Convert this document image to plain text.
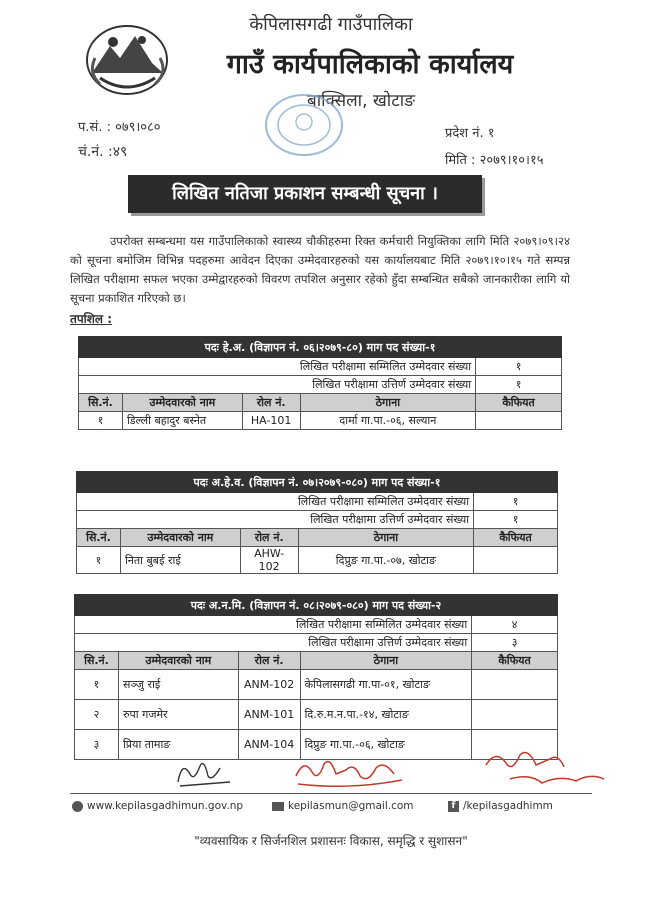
केपिलासगढी गाउँपालिका
गाउँ कार्यपालिकाको कार्यालय
बाक्सिला, खोटाङ
प.सं. : ०७९।०८०
चं.नं. :४९
प्रदेश नं. १
मिति : २०७९।१०।१५
लिखित नतिजा प्रकाशन सम्बन्धी सूचना ।
उपरोक्त सम्बन्धमा यस गाउँपालिकाको स्वास्थ्य चौकीहरुमा रिक्त कर्मचारी नियुक्तिका लागि मिति २०७९।०९।२४ को सूचना बमोजिम विभिन्न पदहरुमा आवेदन दिएका उम्मेदवारहरुको यस कार्यालयबाट मिति २०७९।१०।१५ गते सम्पन्न लिखित परीक्षामा सफल भएका उम्मेद्वारहरुको विवरण तपशिल अनुसार रहेको हुँदा सम्बन्धित सबैको जानकारीका लागि यो सूचना प्रकाशित गरिएको छ।
तपशिल :
पदः हे.अ. (विज्ञापन नं. ०६।२०७९-८०) माग पद संख्या-१				
लिखित परीक्षामा सम्मिलित उम्मेदवार संख्या				१
लिखित परीक्षामा उत्तिर्ण उम्मेदवार संख्या				१
सि.नं.	उम्मेदवारको नाम	रोल नं.	ठेगाना	कैफियत
१	डिल्ली बहादुर बस्नेत	HA-101	दार्मा गा.पा.-०६, सल्यान	
पदः अ.हे.व. (विज्ञापन नं. ०७।२०७९-०८०) माग पद संख्या-१				
लिखित परीक्षामा सम्मिलित उम्मेदवार संख्या				१
लिखित परीक्षामा उत्तिर्ण उम्मेदवार संख्या				१
सि.नं.	उम्मेदवारको नाम	रोल नं.	ठेगाना	कैफियत
१	निता बुबई राई	AHW-102	दिप्रुङ गा.पा.-०७, खोटाङ	
पदः अ.न.मि. (विज्ञापन नं. ०८।२०७९-०८०) माग पद संख्या-२				
लिखित परीक्षामा सम्मिलित उम्मेदवार संख्या				४
लिखित परीक्षामा उत्तिर्ण उम्मेदवार संख्या				३
सि.नं.	उम्मेदवारको नाम	रोल नं.	ठेगाना	कैफियत
१	सञ्जु राई	ANM-102	केपिलासगढी गा.पा-०१, खोटाङ	
२	रुपा गजमेर	ANM-101	दि.रु.म.न.पा.-१४, खोटाङ	
३	प्रिया तामाङ	ANM-104	दिप्रुङ गा.पा.-०६, खोटाङ	
www.kepilasgadhimun.gov.np	kepilasmun@gmail.com	f /kepilasgadhimm
"व्यवसायिक र सिर्जनशिल प्रशासनः विकास, समृद्धि र सुशासन"
